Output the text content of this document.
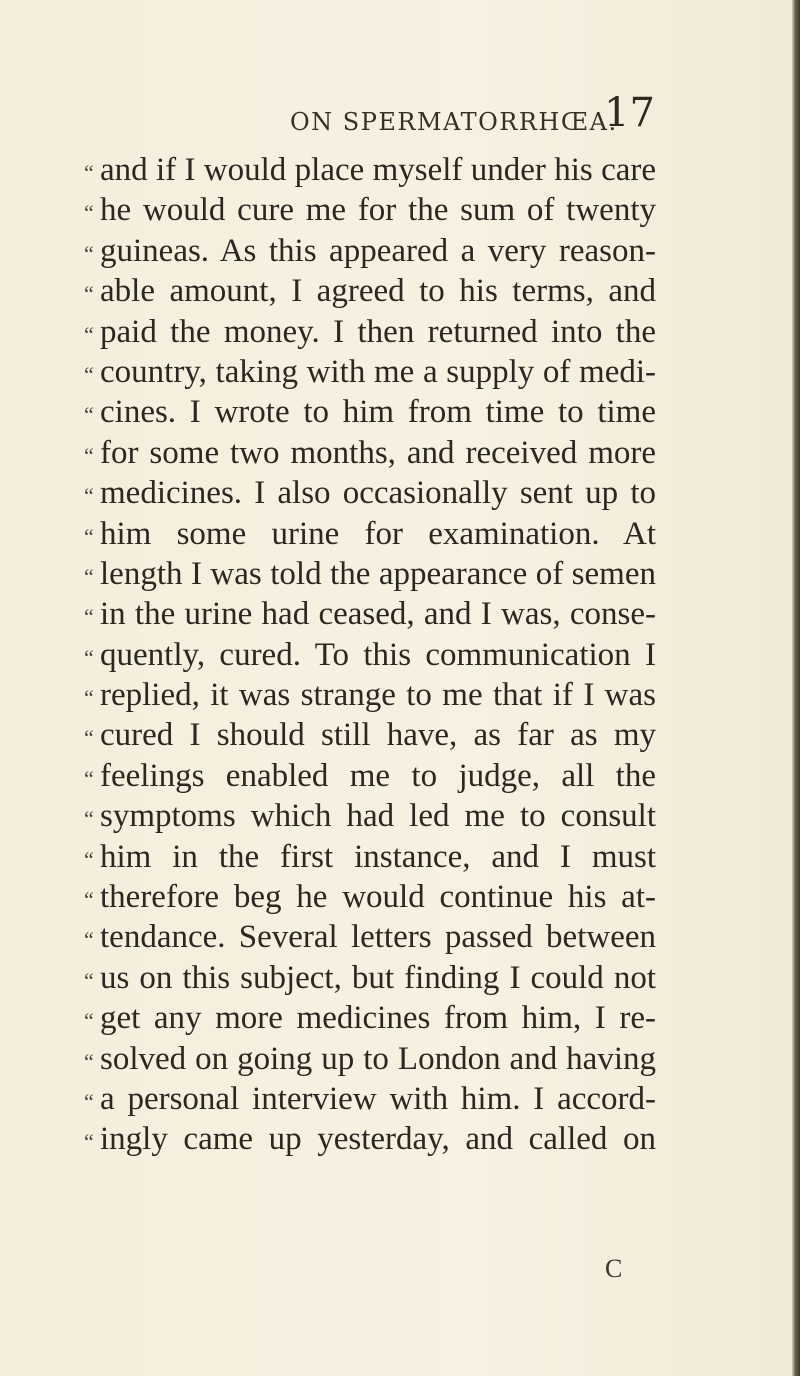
ON SPERMATORRHŒA.
17
“ and if I would place myself under his care
“ he would cure me for the sum of twenty
“ guineas. As this appeared a very reason-
“ able amount, I agreed to his terms, and
“ paid the money. I then returned into the
“ country, taking with me a supply of medi-
“ cines. I wrote to him from time to time
“ for some two months, and received more
“ medicines. I also occasionally sent up to
“ him some urine for examination. At
“ length I was told the appearance of semen
“ in the urine had ceased, and I was, conse-
“ quently, cured. To this communication I
“ replied, it was strange to me that if I was
“ cured I should still have, as far as my
“ feelings enabled me to judge, all the
“ symptoms which had led me to consult
“ him in the first instance, and I must
“ therefore beg he would continue his at-
“ tendance. Several letters passed between
“ us on this subject, but finding I could not
“ get any more medicines from him, I re-
“ solved on going up to London and having
“ a personal interview with him. I accord-
“ ingly came up yesterday, and called on
C
